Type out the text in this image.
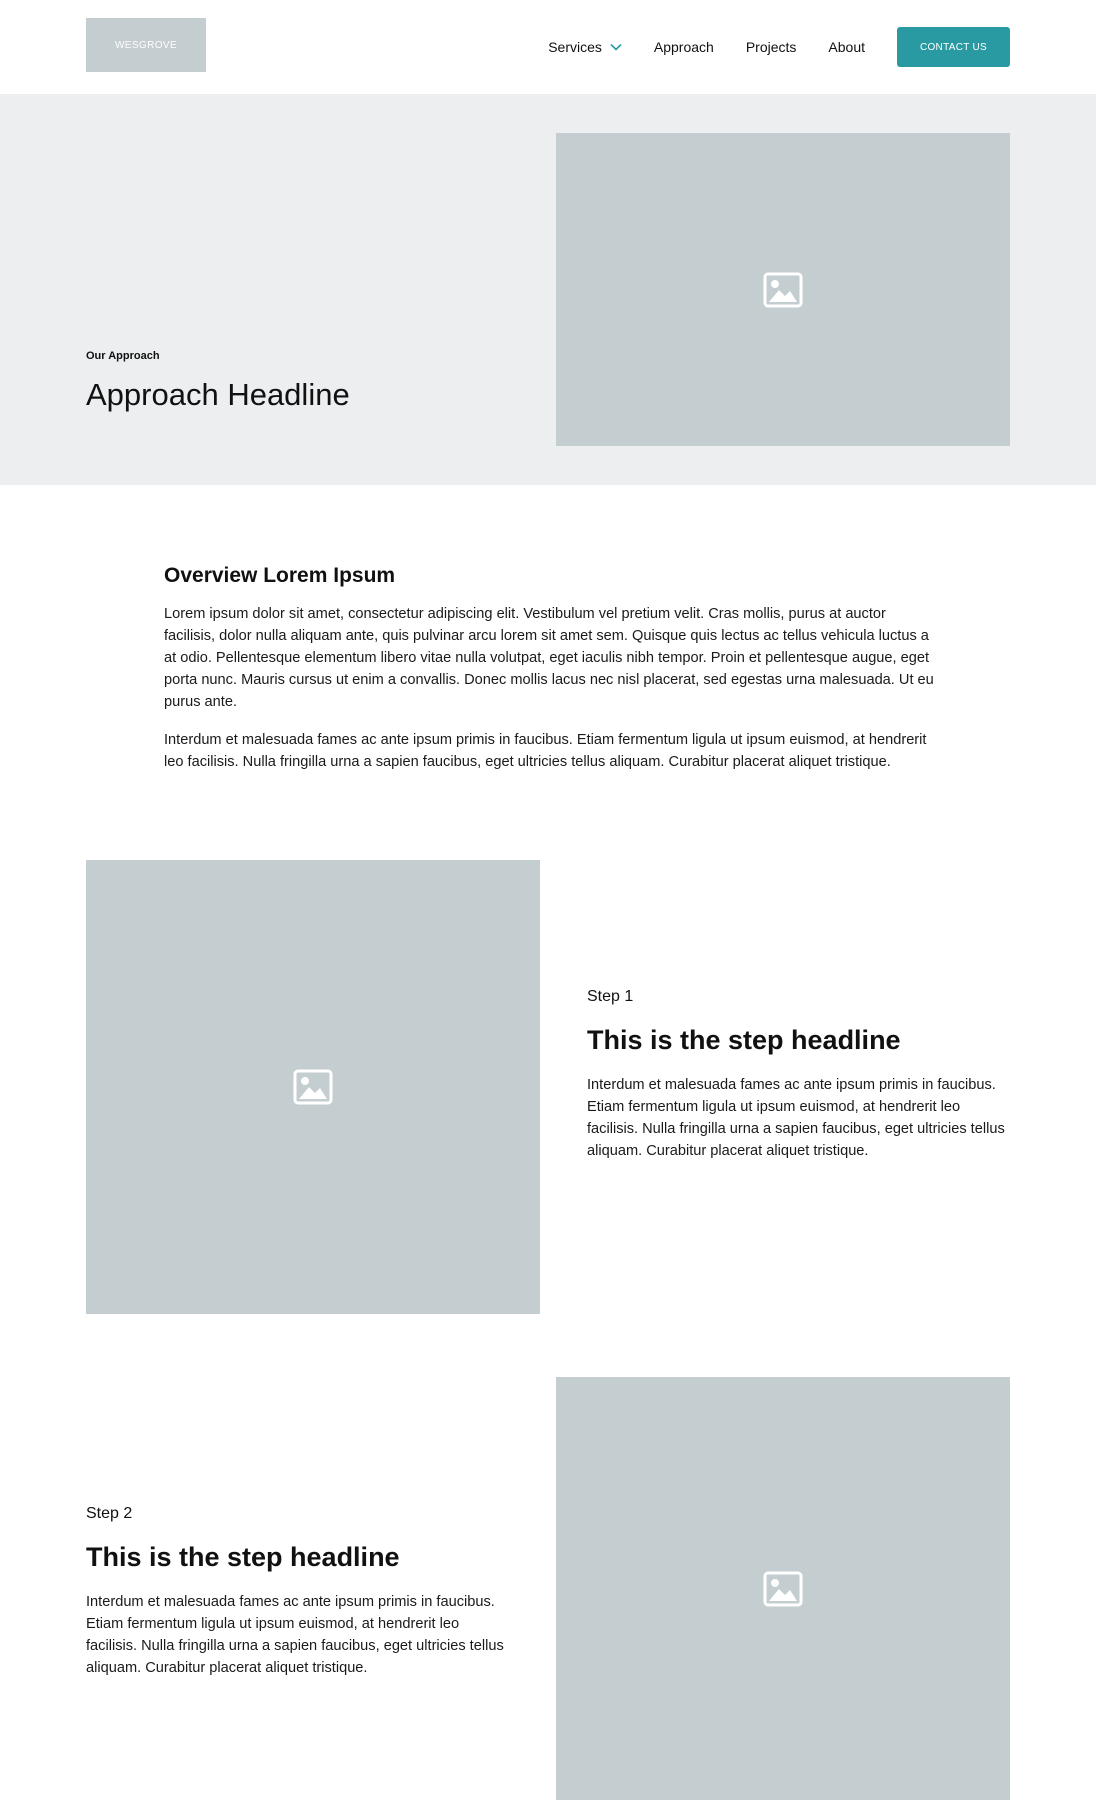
WESGROVE	Services	Approach Projects About	CONTACT US
Our Approach
Approach Headline
Overview Lorem Ipsum

Lorem ipsum dolor sit amet, consectetur adipiscing elit. Vestibulum vel pretium velit. Cras mollis, purus at auctor facilisis, dolor nulla aliquam ante, quis pulvinar arcu lorem sit amet sem. Quisque quis lectus ac tellus vehicula luctus a at odio. Pellentesque elementum libero vitae nulla volutpat, eget iaculis nibh tempor. Proin et pellentesque augue, eget porta nunc. Mauris cursus ut enim a convallis. Donec mollis lacus nec nisl placerat, sed egestas urna malesuada. Ut eu purus ante.

Interdum et malesuada fames ac ante ipsum primis in faucibus. Etiam fermentum ligula ut ipsum euismod, at hendrerit leo facilisis. Nulla fringilla urna a sapien faucibus, eget ultricies tellus aliquam. Curabitur placerat aliquet tristique.

Step 1
This is the step headline

Interdum et malesuada fames ac ante ipsum primis in faucibus. Etiam fermentum ligula ut ipsum euismod, at hendrerit leo facilisis. Nulla fringilla urna a sapien faucibus, eget ultricies tellus aliquam. Curabitur placerat aliquet tristique.

Step 2
This is the step headline

Interdum et malesuada fames ac ante ipsum primis in faucibus. Etiam fermentum ligula ut ipsum euismod, at hendrerit leo facilisis. Nulla fringilla urna a sapien faucibus, eget ultricies tellus aliquam. Curabitur placerat aliquet tristique.
